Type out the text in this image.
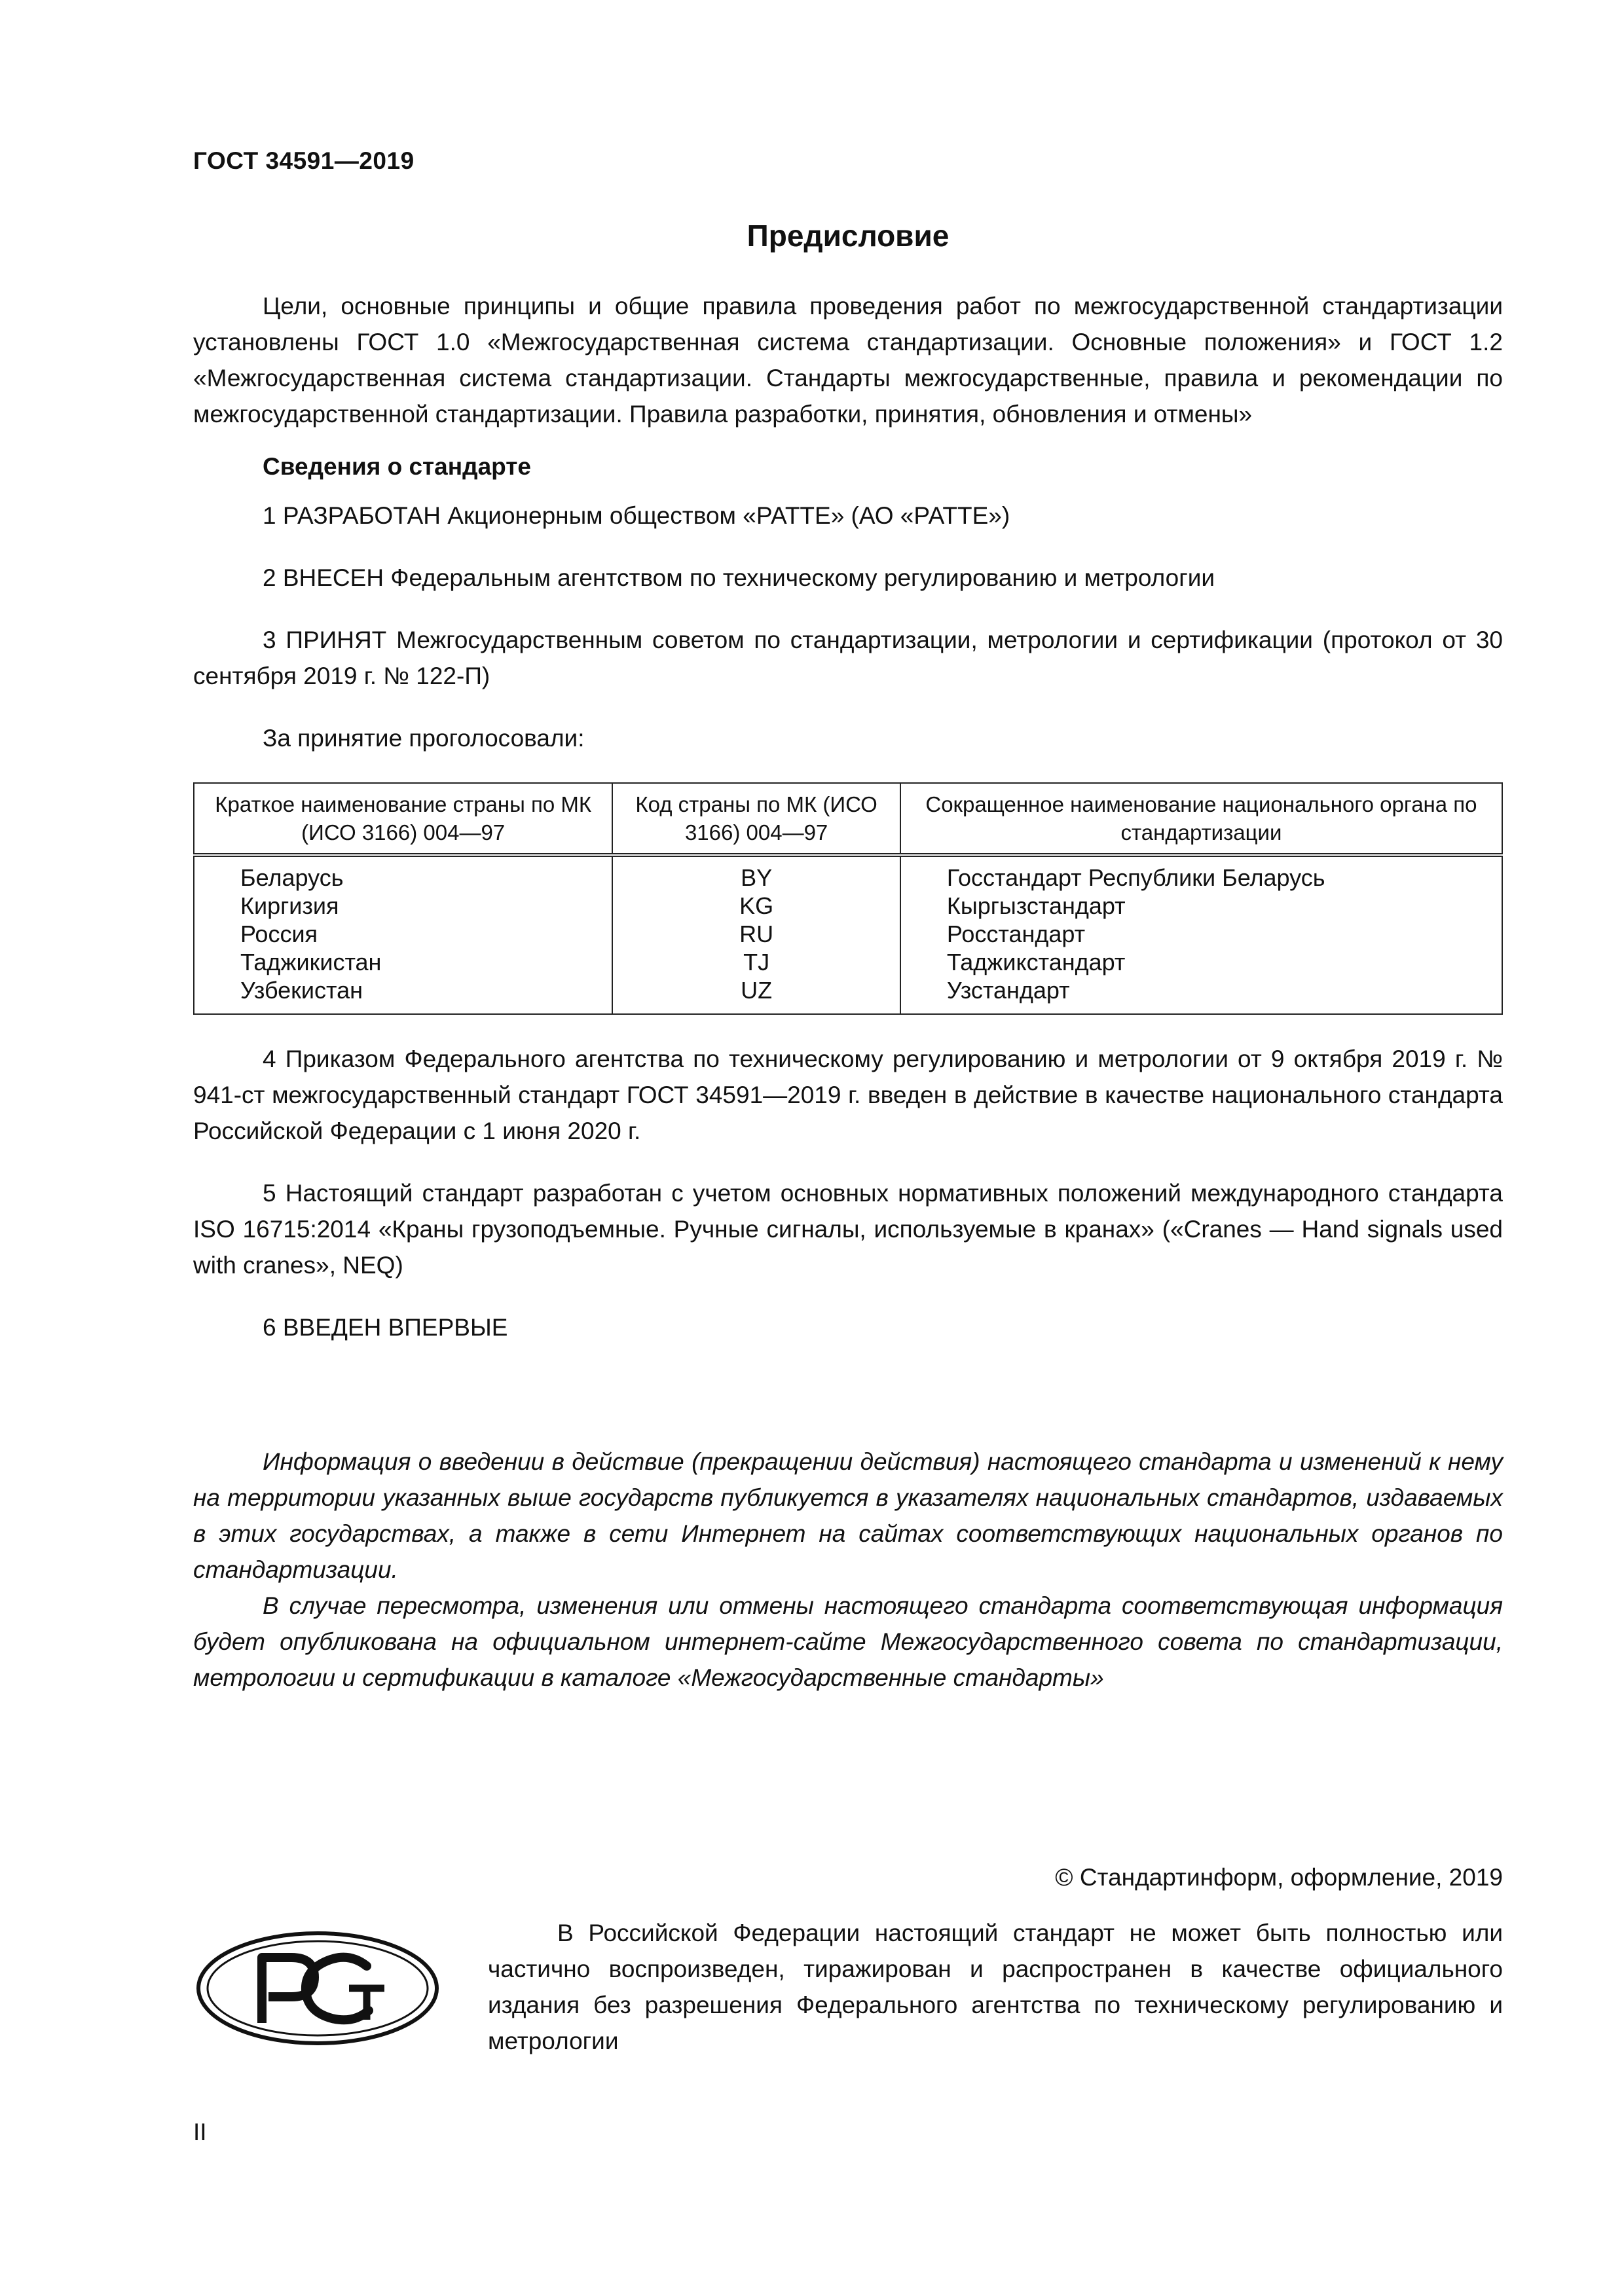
ГОСТ 34591—2019
Предисловие

Цели, основные принципы и общие правила проведения работ по межгосударственной стандартизации установлены ГОСТ 1.0 «Межгосударственная система стандартизации. Основные положения» и ГОСТ 1.2 «Межгосударственная система стандартизации. Стандарты межгосударственные, правила и рекомендации по межгосударственной стандартизации. Правила разработки, принятия, обновления и отмены»

Сведения о стандарте

1 РАЗРАБОТАН Акционерным обществом «РАТТЕ» (АО «РАТТЕ»)

2 ВНЕСЕН Федеральным агентством по техническому регулированию и метрологии

3 ПРИНЯТ Межгосударственным советом по стандартизации, метрологии и сертификации (протокол от 30 сентября 2019 г. № 122-П)

За принятие проголосовали:

Краткое наименование страны по МК (ИСО 3166) 004—97	Код страны по МК (ИСО 3166) 004—97	Сокращенное наименование национального органа по стандартизации
Беларусь	BY	Госстандарт Республики Беларусь
Киргизия	KG	Кыргызстандарт
Россия	RU	Росстандарт
Таджикистан	TJ	Таджикстандарт
Узбекистан	UZ	Узстандарт

4 Приказом Федерального агентства по техническому регулированию и метрологии от 9 октября 2019 г. № 941-ст межгосударственный стандарт ГОСТ 34591—2019 г. введен в действие в качестве национального стандарта Российской Федерации с 1 июня 2020 г.

5 Настоящий стандарт разработан с учетом основных нормативных положений международного стандарта ISO 16715:2014 «Краны грузоподъемные. Ручные сигналы, используемые в кранах» («Cranes — Hand signals used with cranes», NEQ)

6 ВВЕДЕН ВПЕРВЫЕ

Информация о введении в действие (прекращении действия) настоящего стандарта и изменений к нему на территории указанных выше государств публикуется в указателях национальных стандартов, издаваемых в этих государствах, а также в сети Интернет на сайтах соответствующих национальных органов по стандартизации.

В случае пересмотра, изменения или отмены настоящего стандарта соответствующая информация будет опубликована на официальном интернет-сайте Межгосударственного совета по стандартизации, метрологии и сертификации в каталоге «Межгосударственные стандарты»

© Стандартинформ, оформление, 2019
В Российской Федерации настоящий стандарт не может быть полностью или частично воспроизведен, тиражирован и распространен в качестве официального издания без разрешения Федерального агентства по техническому регулированию и метрологии
II
